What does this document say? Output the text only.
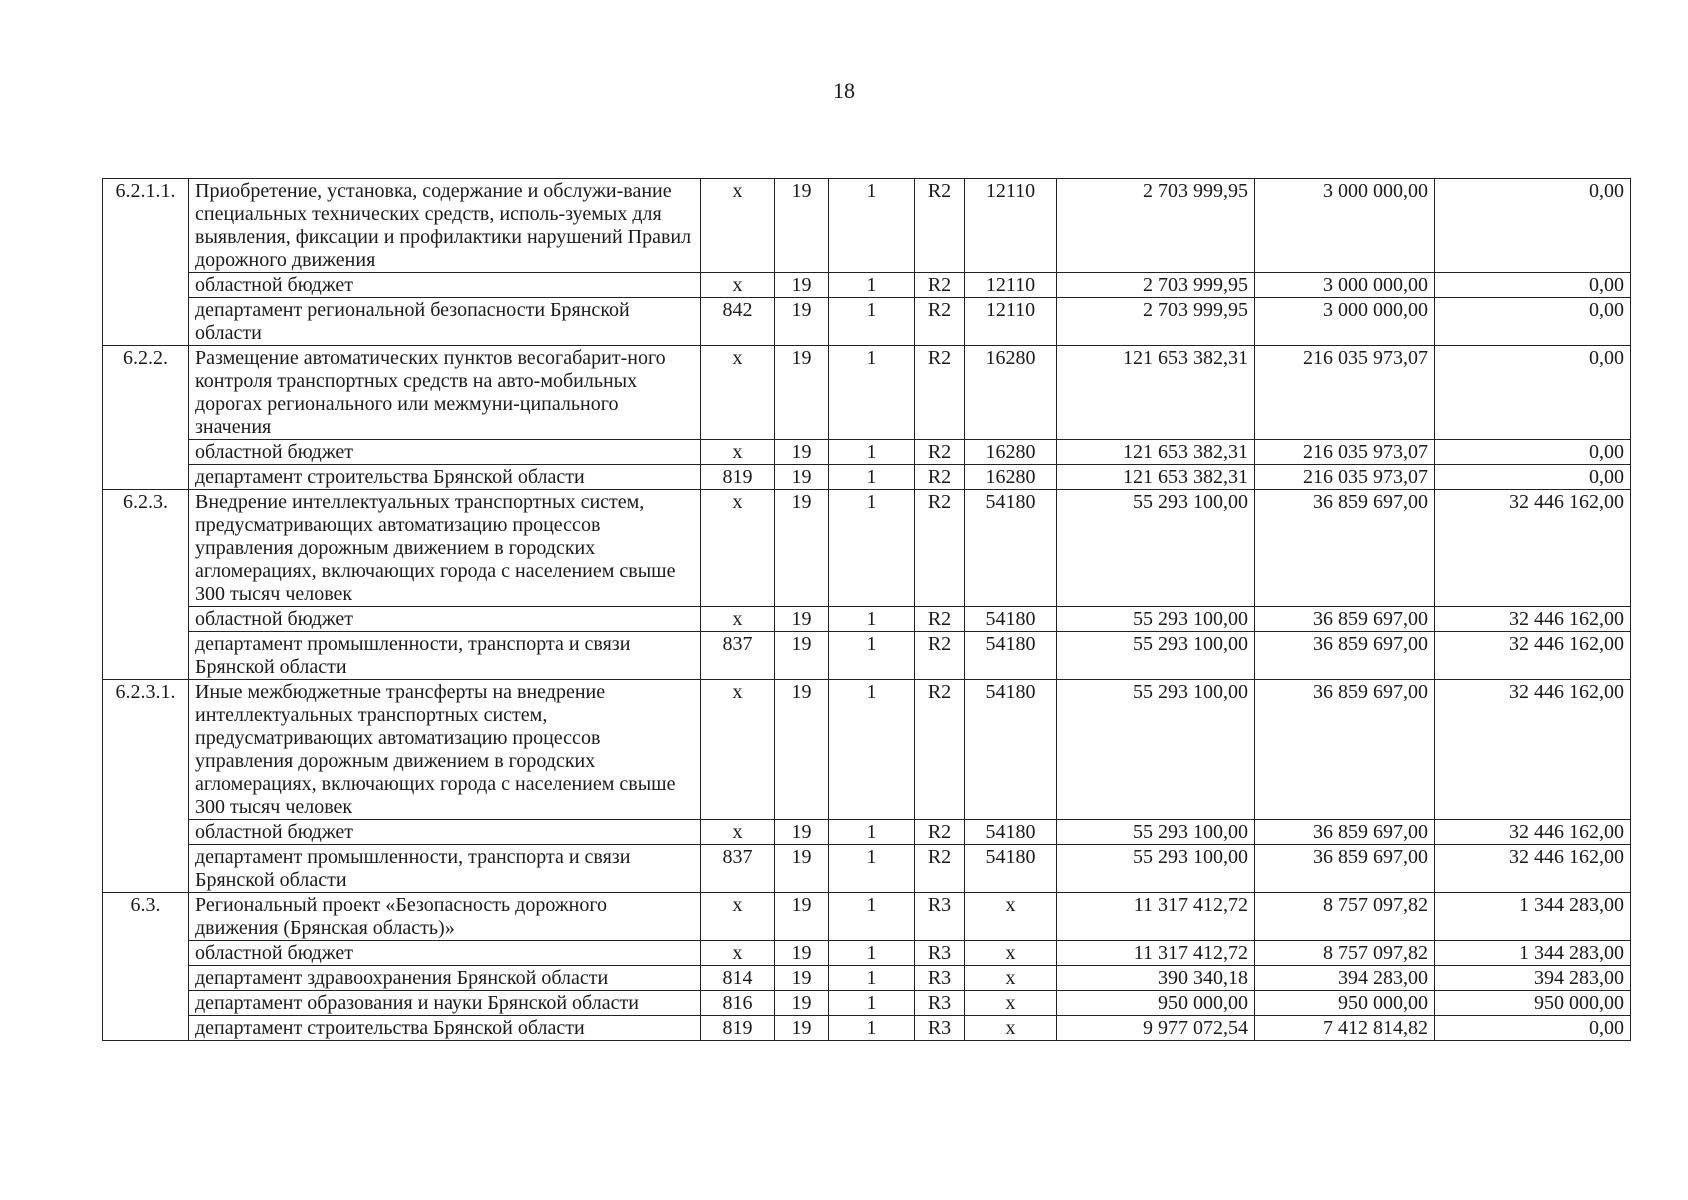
18
6.2.1.1.	Приобретение, установка, содержание и обслужи-вание специальных технических средств, исполь-зуемых для выявления, фиксации и профилактики нарушений Правил дорожного движения	x	19	1	R2	12110	2 703 999,95	3 000 000,00	0,00
	областной бюджет	x	19	1	R2	12110	2 703 999,95	3 000 000,00	0,00
	департамент региональной безопасности Брянской области	842	19	1	R2	12110	2 703 999,95	3 000 000,00	0,00
6.2.2.	Размещение автоматических пунктов весогабарит-ного контроля транспортных средств на авто-мобильных дорогах регионального или межмуни-ципального значения	x	19	1	R2	16280	121 653 382,31	216 035 973,07	0,00
	областной бюджет	x	19	1	R2	16280	121 653 382,31	216 035 973,07	0,00
	департамент строительства Брянской области	819	19	1	R2	16280	121 653 382,31	216 035 973,07	0,00
6.2.3.	Внедрение интеллектуальных транспортных систем, предусматривающих автоматизацию процессов управления дорожным движением в городских агломерациях, включающих города с населением свыше 300 тысяч человек	x	19	1	R2	54180	55 293 100,00	36 859 697,00	32 446 162,00
	областной бюджет	x	19	1	R2	54180	55 293 100,00	36 859 697,00	32 446 162,00
	департамент промышленности, транспорта и связи Брянской области	837	19	1	R2	54180	55 293 100,00	36 859 697,00	32 446 162,00
6.2.3.1.	Иные межбюджетные трансферты на внедрение интеллектуальных транспортных систем, предусматривающих автоматизацию процессов управления дорожным движением в городских агломерациях, включающих города с населением свыше 300 тысяч человек	x	19	1	R2	54180	55 293 100,00	36 859 697,00	32 446 162,00
	областной бюджет	x	19	1	R2	54180	55 293 100,00	36 859 697,00	32 446 162,00
	департамент промышленности, транспорта и связи Брянской области	837	19	1	R2	54180	55 293 100,00	36 859 697,00	32 446 162,00
6.3.	Региональный проект «Безопасность дорожного движения (Брянская область)»	x	19	1	R3	x	11 317 412,72	8 757 097,82	1 344 283,00
	областной бюджет	x	19	1	R3	x	11 317 412,72	8 757 097,82	1 344 283,00
	департамент здравоохранения Брянской области	814	19	1	R3	x	390 340,18	394 283,00	394 283,00
	департамент образования и науки Брянской области	816	19	1	R3	x	950 000,00	950 000,00	950 000,00
	департамент строительства Брянской области	819	19	1	R3	x	9 977 072,54	7 412 814,82	0,00
